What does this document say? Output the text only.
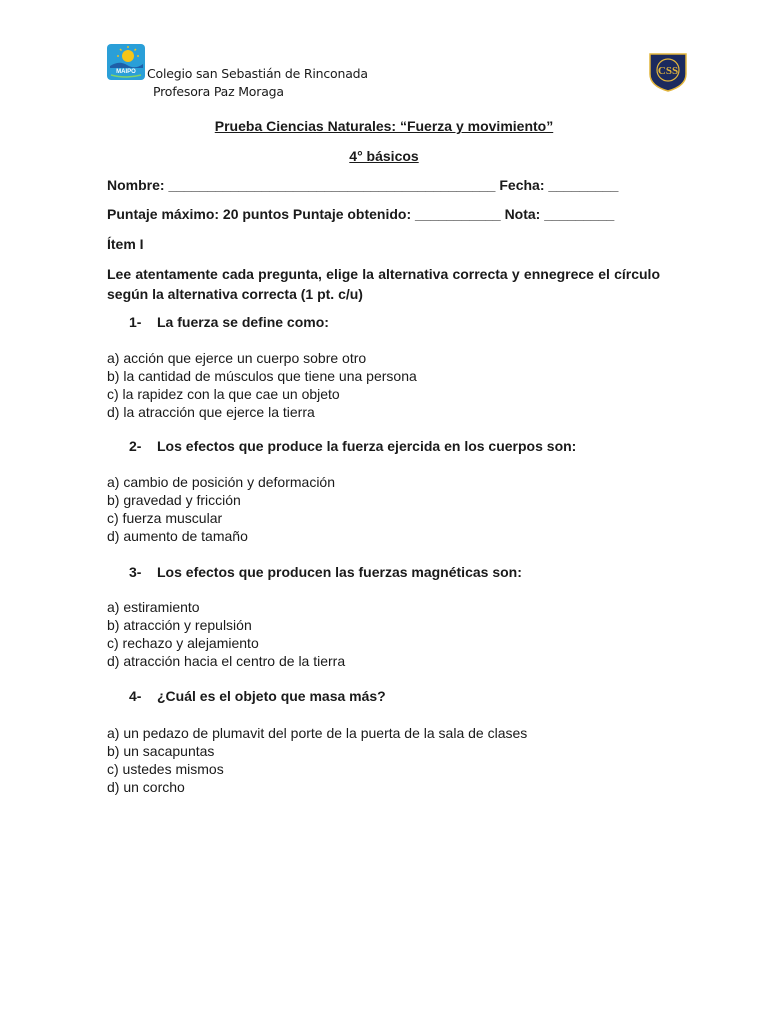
MAIPO Colegio san Sebastián de Rinconada
Profesora Paz Moraga
CSS
Prueba Ciencias Naturales: “Fuerza y movimiento”
4° básicos
Nombre: __________________________________________ Fecha: _________
Puntaje máximo: 20 puntos Puntaje obtenido: ___________ Nota: _________
Ítem I
Lee atentamente cada pregunta, elige la alternativa correcta y ennegrece el círculo según la alternativa correcta (1 pt. c/u)
1- La fuerza se define como:
a) acción que ejerce un cuerpo sobre otro
b) la cantidad de músculos que tiene una persona
c) la rapidez con la que cae un objeto
d) la atracción que ejerce la tierra
2- Los efectos que produce la fuerza ejercida en los cuerpos son:
a) cambio de posición y deformación
b) gravedad y fricción
c) fuerza muscular
d) aumento de tamaño
3- Los efectos que producen las fuerzas magnéticas son:
a) estiramiento
b) atracción y repulsión
c) rechazo y alejamiento
d) atracción hacia el centro de la tierra
4- ¿Cuál es el objeto que masa más?
a) un pedazo de plumavit del porte de la puerta de la sala de clases
b) un sacapuntas
c) ustedes mismos
d) un corcho
